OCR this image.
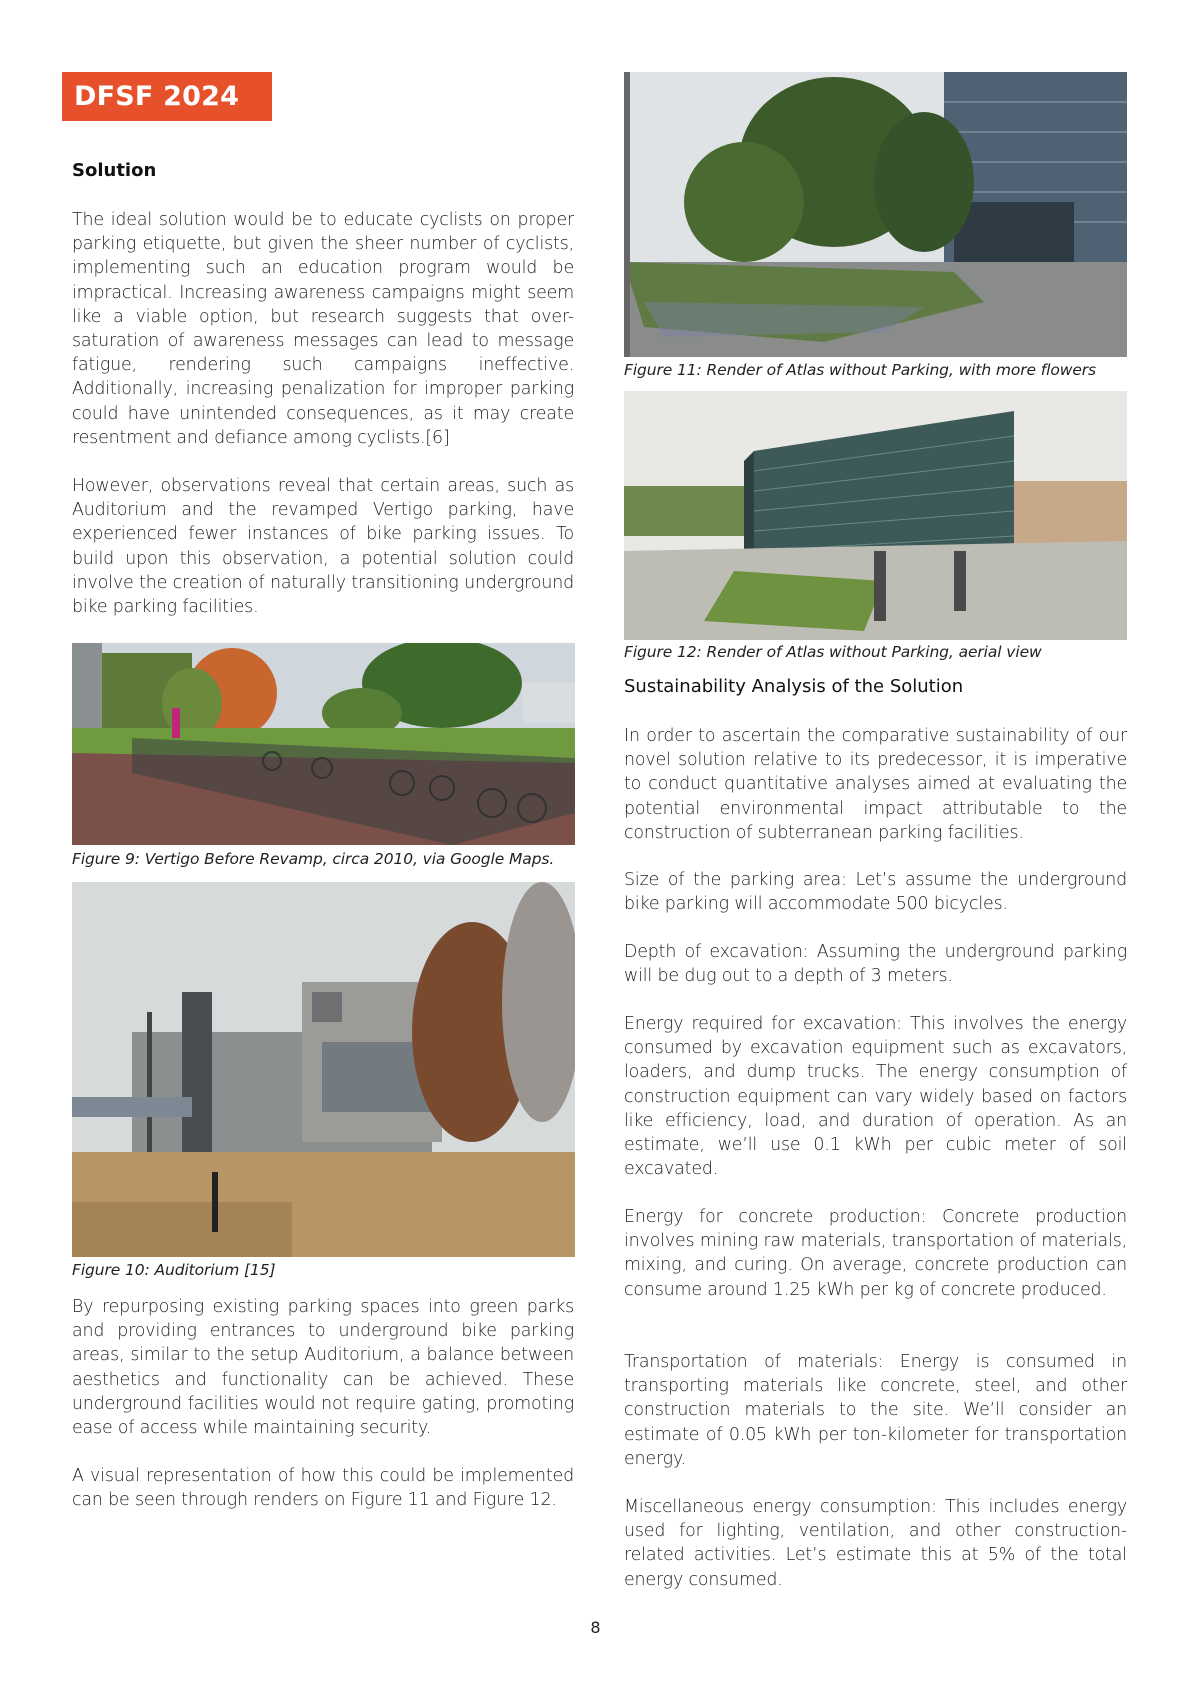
DFSF 2024
Solution
The ideal solution would be to educate cyclists on proper parking etiquette, but given the sheer number of cyclists, implementing such an education program would be impractical. Increasing awareness campaigns might seem like a viable option, but research suggests that over-saturation of awareness messages can lead to message fatigue, rendering such campaigns ineffective. Additionally, increasing penalization for improper parking could have unintended consequences, as it may create resentment and defiance among cyclists.[6]
However, observations reveal that certain areas, such as Auditorium and the revamped Vertigo parking, have experienced fewer instances of bike parking issues. To build upon this observation, a potential solution could involve the creation of naturally transitioning underground bike parking facilities.
Figure 9: Vertigo Before Revamp, circa 2010, via Google Maps.
Figure 10: Auditorium [15]
By repurposing existing parking spaces into green parks and providing entrances to underground bike parking areas, similar to the setup Auditorium, a balance between aesthetics and functionality can be achieved. These underground facilities would not require gating, promoting ease of access while maintaining security.
A visual representation of how this could be implemented can be seen through renders on Figure 11 and Figure 12.
Figure 11: Render of Atlas without Parking, with more flowers
Figure 12: Render of Atlas without Parking, aerial view
Sustainability Analysis of the Solution
In order to ascertain the comparative sustainability of our novel solution relative to its predecessor, it is imperative to conduct quantitative analyses aimed at evaluating the potential environmental impact attributable to the construction of subterranean parking facilities.
Size of the parking area: Let’s assume the underground bike parking will accommodate 500 bicycles.
Depth of excavation: Assuming the underground parking will be dug out to a depth of 3 meters.
Energy required for excavation: This involves the energy consumed by excavation equipment such as excavators, loaders, and dump trucks. The energy consumption of construction equipment can vary widely based on factors like efficiency, load, and duration of operation. As an estimate, we’ll use 0.1 kWh per cubic meter of soil excavated.
Energy for concrete production: Concrete production involves mining raw materials, transportation of materials, mixing, and curing. On average, concrete production can consume around 1.25 kWh per kg of concrete produced.
Transportation of materials: Energy is consumed in transporting materials like concrete, steel, and other construction materials to the site. We’ll consider an estimate of 0.05 kWh per ton-kilometer for transportation energy.
Miscellaneous energy consumption: This includes energy used for lighting, ventilation, and other construction-related activities. Let’s estimate this at 5% of the total energy consumed.
8
